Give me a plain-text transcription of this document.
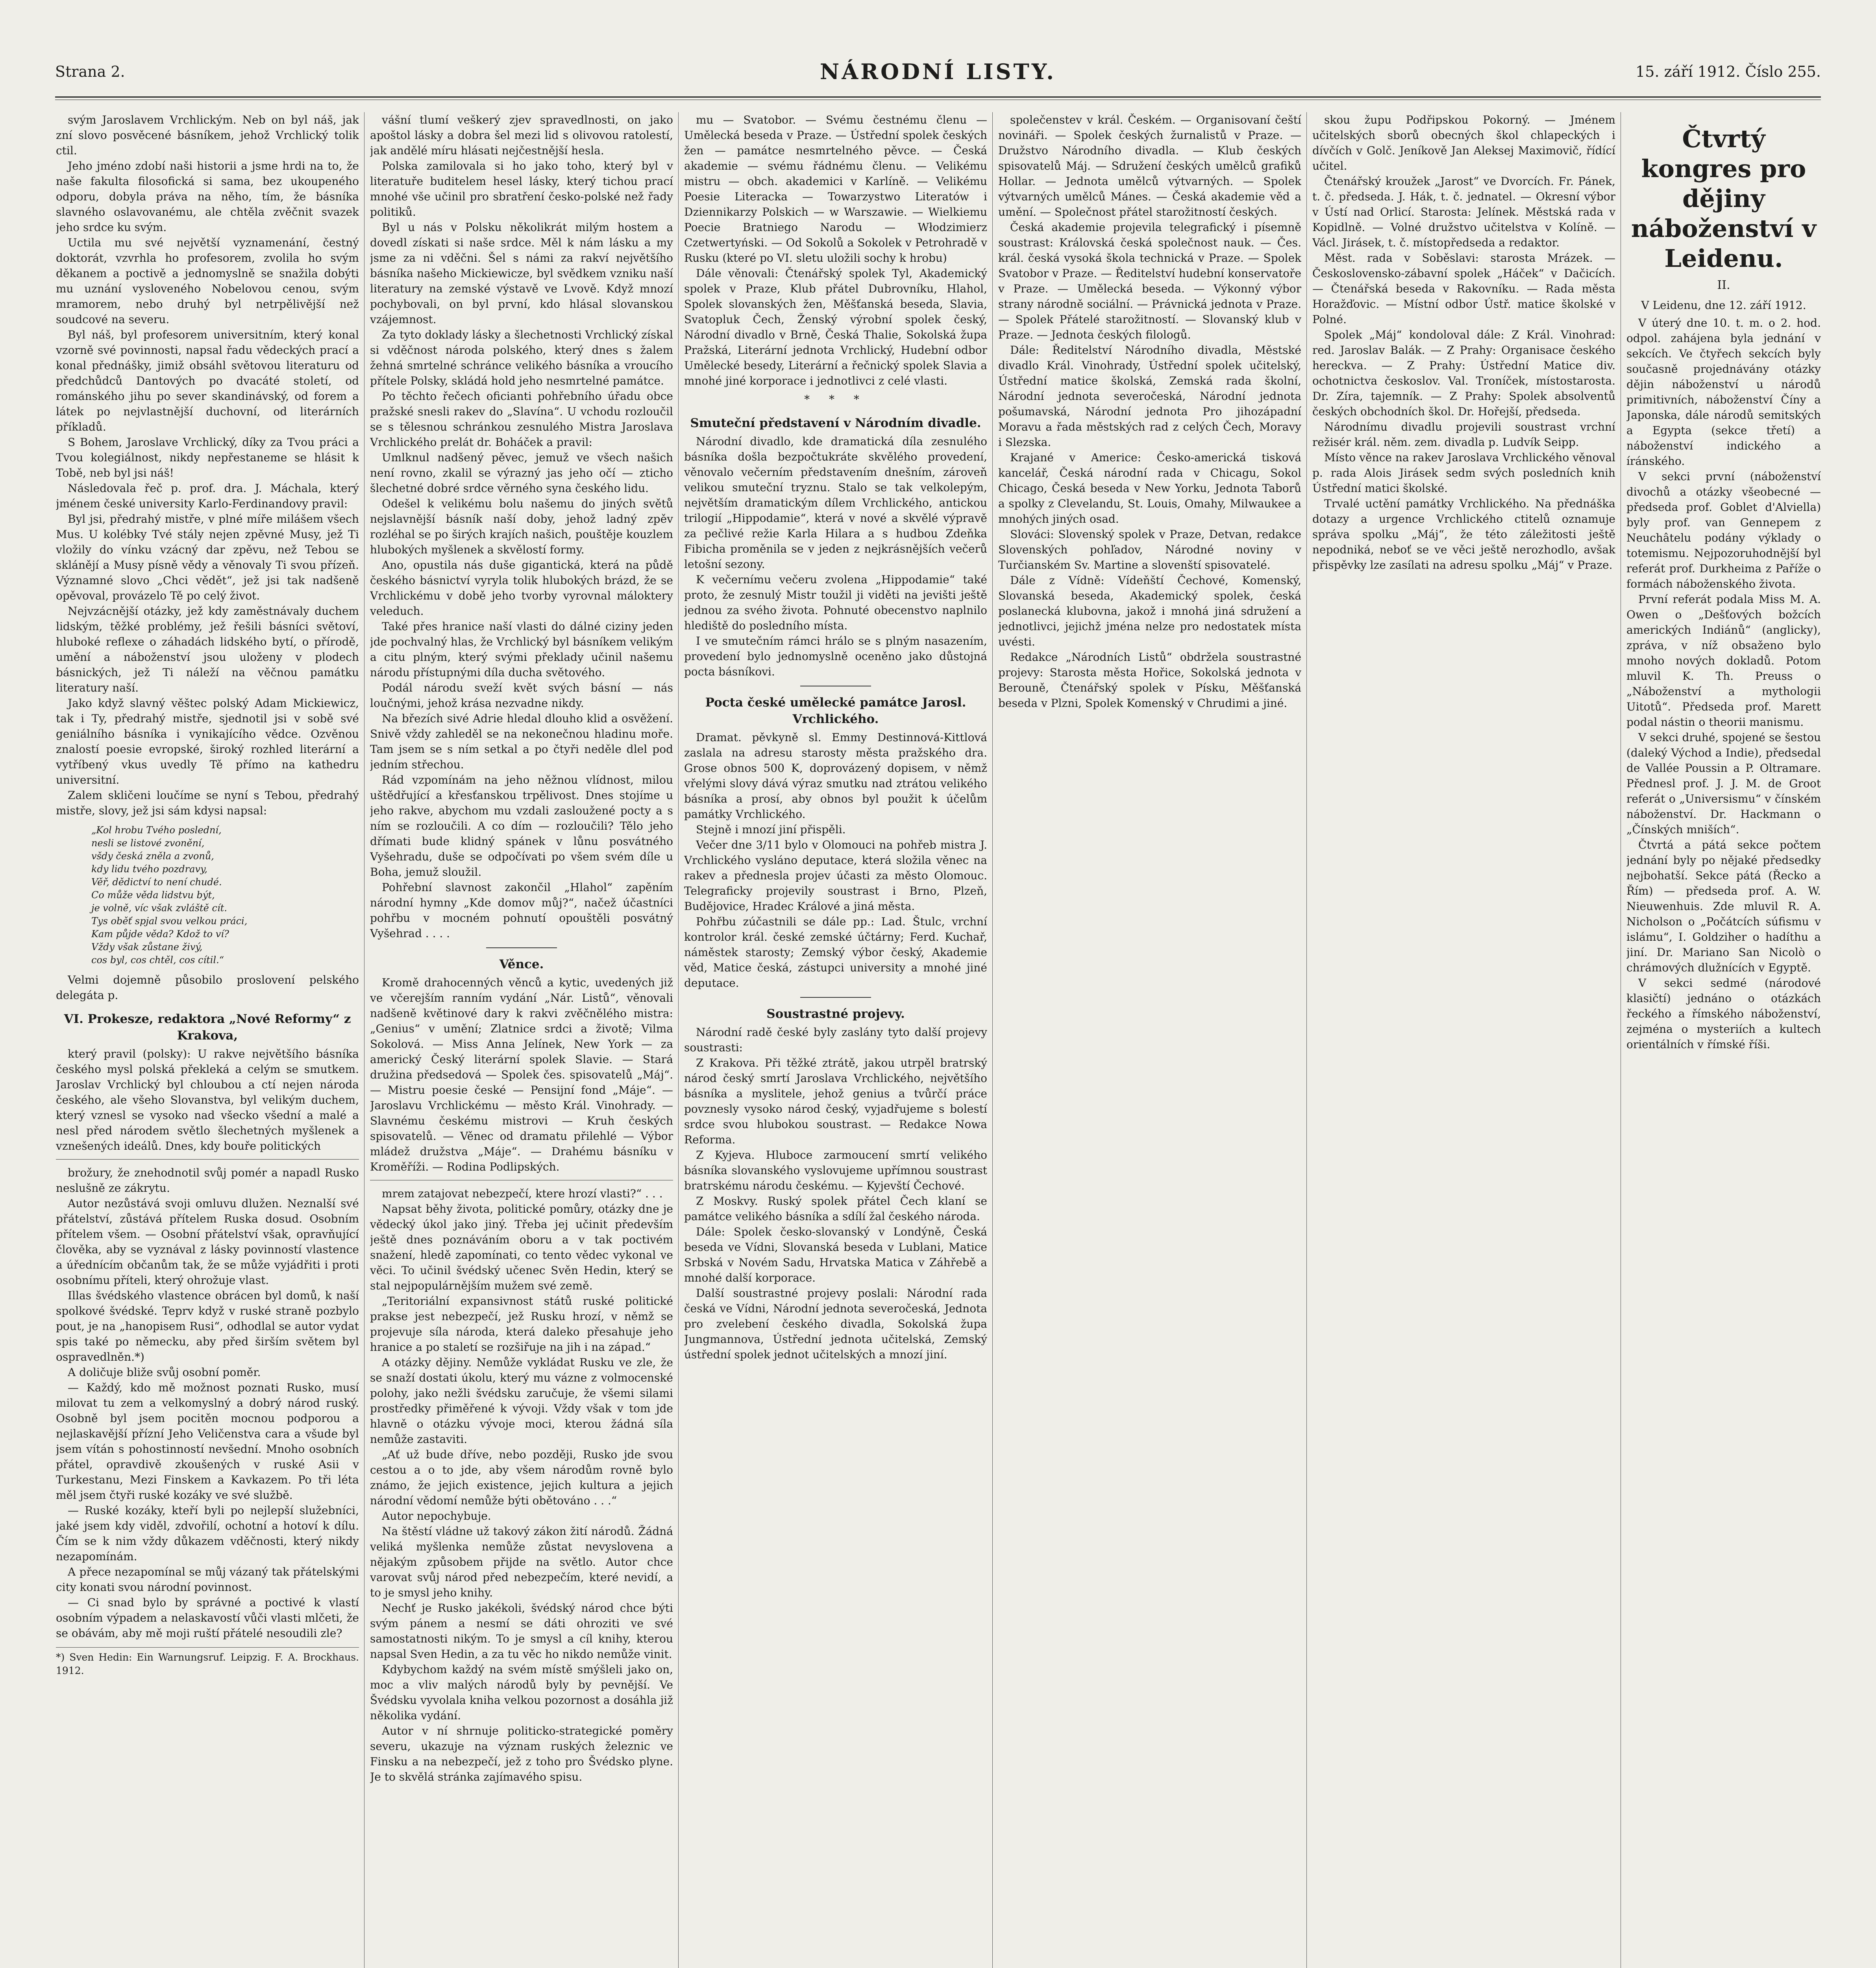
Strana 2.	NÁRODNÍ LISTY.	15. září 1912. Číslo 255.

svým Jaroslavem Vrchlickým. Neb on byl náš, jak zní slovo posvěcené básníkem, jehož Vrchlický tolik ctil.

Jeho jméno zdobí naši historii a jsme hrdi na to, že naše fakulta filosofická si sama, bez ukoupeného odporu, dobyla práva na něho, tím, že básníka slavného oslavovanému, ale chtěla zvěčnit svazek jeho srdce ku svým.

Uctila mu své největší vyznamenání, čestný doktorát, vzvrhla ho profesorem, zvolila ho svým děkanem a poctivě a jednomyslně se snažila dobýti mu uznání vysloveného Nobelovou cenou, svým mramorem, nebo druhý byl netrpělivější než soudcové na severu.

Byl náš, byl profesorem universitním, který konal vzorně své povinnosti, napsal řadu vědeckých prací a konal přednášky, jimiž obsáhl světovou literaturu od předchůdců Dantových po dvacáté století, od románského jihu po sever skandinávský, od forem a látek po nejvlastnější duchovní, od literárních příkladů.

S Bohem, Jaroslave Vrchlický, díky za Tvou práci a Tvou kolegiálnost, nikdy nepřestaneme se hlásit k Tobě, neb byl jsi náš!

Následovala řeč p. prof. dra. J. Máchala, který jménem české university Karlo-Ferdinandovy pravil:

Byl jsi, předrahý mistře, v plné míře milášem všech Mus. U kolébky Tvé stály nejen zpěvné Musy, jež Ti vložily do vínku vzácný dar zpěvu, než Tebou se sklánějí a Musy písně vědy a věnovaly Ti svou přízeň. Významné slovo „Chci vědět“, jež jsi tak nadšeně opěvoval, provázelo Tě po celý život.

Nejvzácnější otázky, jež kdy zaměstnávaly duchem lidským, těžké problémy, jež řešili básníci světoví, hluboké reflexe o záhadách lidského bytí, o přírodě, umění a náboženství jsou uloženy v plodech básnických, jež Ti náleží na věčnou památku literatury naší.

Jako když slavný věštec polský Adam Mickiewicz, tak i Ty, předrahý mistře, sjednotil jsi v sobě své geniálního básníka i vynikajícího vědce. Ozvěnou znalostí poesie evropské, široký rozhled literární a vytříbený vkus uvedly Tě přímo na kathedru universitní.

Zalem skličeni loučíme se nyní s Tebou, předrahý mistře, slovy, jež jsi sám kdysi napsal:

„Kol hrobu Tvého poslední,
nesli se listové zvonění,
všdy česká zněla a zvonů,
kdy lidu tvého pozdravy,
Věř, dědictví to není chudé.
Co může věda lidstvu být,
je volně, víc však zvláště cít.
Tys oběť spjal svou velkou práci,
Kam půjde věda? Kdož to ví?
Vždy však zůstane živý,
cos byl, cos chtěl, cos cítil.“

Velmi dojemně působilo proslovení pelského delegáta p.

VI. Prokesze, redaktora „Nové Reformy“ z Krakova,

který pravil (polsky): U rakve největšího básníka českého mysl polská překleká a celým se smutkem. Jaroslav Vrchlický byl chloubou a ctí nejen národa českého, ale všeho Slovanstva, byl velikým duchem, který vznesl se vysoko nad všecko všední a malé a nesl před národem světlo šlechetných myšlenek a vznešených ideálů. Dnes, kdy bouře politických

brožury, že znehodnotil svůj pomér a napadl Rusko neslušně ze zákrytu.

Autor nezůstává svoji omluvu dlužen. Neznalší své přátelství, zůstává přítelem Ruska dosud. Osobním přítelem všem. — Osobní přátelství však, opravňující člověka, aby se vyznával z lásky povinností vlastence a úřednícím občanům tak, že se může vyjádřiti i proti osobnímu příteli, který ohrožuje vlast.

Illas švédského vlastence obrácen byl domů, k naší spolkové švédské. Teprv když v ruské straně pozbylo pout, je na „hanopisem Rusi“, odhodlal se autor vydat spis také po německu, aby před širším světem byl ospravedlněn.*)

A doličuje bliže svůj osobní poměr.

— Každý, kdo mě možnost poznati Rusko, musí milovat tu zem a velkomyslný a dobrý národ ruský. Osobně byl jsem pocitěn mocnou podporou a nejlaskavější přízní Jeho Veličenstva cara a všude byl jsem vítán s pohostinností nevšední. Mnoho osobních přátel, opravdivě zkoušených v ruské Asii v Turkestanu, Mezi Finskem a Kavkazem. Po tři léta měl jsem čtyři ruské kozáky ve své službě.

— Ruské kozáky, kteří byli po nejlepší služebníci, jaké jsem kdy viděl, zdvořilí, ochotní a hotoví k dílu. Čím se k nim vždy důkazem vděčnosti, který nikdy nezapomínám.

A přece nezapomínal se můj vázaný tak přátelskými city konati svou národní povinnost.

— Ci snad bylo by správné a poctivé k vlastí osobním výpadem a nelaskavostí vůči vlasti mlčeti, že se obávám, aby mě moji ruští přátelé nesoudili zle?

*) Sven Hedin: Ein Warnungsruf. Leipzig. F. A. Brockhaus. 1912.

vášní tlumí veškerý zjev spravedlnosti, on jako apoštol lásky a dobra šel mezi lid s olivovou ratolestí, jak andělé míru hlásati nejčestnější hesla.

Polska zamilovala si ho jako toho, který byl v literatuře buditelem hesel lásky, který tichou prací mnohé vše učinil pro sbratření česko-polské než řady politiků.

Byl u nás v Polsku několikrát milým hostem a dovedl získati si naše srdce. Měl k nám lásku a my jsme za ni vděčni. Šel s námi za rakví největšího básníka našeho Mickiewicze, byl svědkem vzniku naší literatury na zemské výstavě ve Lvově. Když mnozí pochybovali, on byl první, kdo hlásal slovanskou vzájemnost.

Za tyto doklady lásky a šlechetnosti Vrchlický získal si vděčnost národa polského, který dnes s žalem žehná smrtelné schránce velikého básníka a vroucího přítele Polsky, skládá hold jeho nesmrtelné památce.

Po těchto řečech oficianti pohřebního úřadu obce pražské snesli rakev do „Slavína“. U vchodu rozloučil se s tělesnou schránkou zesnulého Mistra Jaroslava Vrchlického prelát dr. Boháček a pravil:

Umlknul nadšený pěvec, jemuž ve všech našich není rovno, zkalil se výrazný jas jeho očí — zticho šlechetné dobré srdce věrného syna českého lidu.

Odešel k velikému bolu našemu do jiných světů nejslavnější básník naší doby, jehož ladný zpěv rozléhal se po širých krajích našich, pouštěje kouzlem hlubokých myšlenek a skvělostí formy.

Ano, opustila nás duše gigantická, která na půdě českého básnictví vyryla tolik hlubokých brázd, že se Vrchlickému v době jeho tvorby vyrovnal máloktery veleduch.

Také přes hranice naší vlasti do dálné ciziny jeden jde pochvalný hlas, že Vrchlický byl básníkem velikým a citu plným, který svými překlady učinil našemu národu přístupnými díla ducha světového.

Podál národu sveží květ svých básní — nás loučnými, jehož krása nezvadne nikdy.

Na březích sivé Adrie hledal dlouho klid a osvěžení. Snivě vždy zahleděl se na nekonečnou hladinu moře. Tam jsem se s ním setkal a po čtyři neděle dlel pod jedním střechou.

Rád vzpomínám na jeho něžnou vlídnost, milou uštědřující a křesťanskou trpělivost. Dnes stojíme u jeho rakve, abychom mu vzdali zasloužené pocty a s ním se rozloučili. A co dím — rozloučili? Tělo jeho dřímati bude klidný spánek v lůnu posvátného Vyšehradu, duše se odpočívati po všem svém díle u Boha, jemuž sloužil.

Pohřební slavnost zakončil „Hlahol“ zapěním národní hymny „Kde domov můj?“, načež účastníci pohřbu v mocném pohnutí opouštěli posvátný Vyšehrad . . . .

Věnce.

Kromě drahocenných věnců a kytic, uvedených již ve včerejším ranním vydání „Nár. Listů“, věnovali nadšeně květinové dary k rakvi zvěčnělého mistra: „Genius“ v umění; Zlatnice srdci a životě; Vilma Sokolová. — Miss Anna Jelínek, New York — za americký Český literární spolek Slavie. — Stará družina předsedová — Spolek čes. spisovatelů „Máj“. — Mistru poesie české — Pensijní fond „Máje“. — Jaroslavu Vrchlickému — město Král. Vinohrady. — Slavnému českému mistrovi — Kruh českých spisovatelů. — Věnec od dramatu přilehlé — Výbor mládež družstva „Máje“. — Drahému básníku v Kroměříži. — Rodina Podlipských.

mrem zatajovat nebezpečí, ktere hrozí vlasti?“ . . .

Napsat běhy života, politické pomůry, otázky dne je vědecký úkol jako jiný. Třeba jej učinit především ještě dnes poznáváním oboru a v tak poctivém snažení, hledě zapomínati, co tento vědec vykonal ve věci. To učinil švédský učenec Svěn Hedin, který se stal nejpopulárnějším mužem své země.

„Teritoriální expansivnost států ruské politické prakse jest nebezpečí, jež Rusku hrozí, v němž se projevuje síla národa, která daleko přesahuje jeho hranice a po staletí se rozšiřuje na jih i na západ.“

A otázky dějiny. Nemůže vykládat Rusku ve zle, že se snaží dostati úkolu, který mu vázne z volmocenské polohy, jako nežli švédsku zaručuje, že všemi silami prostředky přiměřené k vývoji. Vždy však v tom jde hlavně o otázku vývoje moci, kterou žádná síla nemůže zastaviti.

„Ať už bude dříve, nebo později, Rusko jde svou cestou a o to jde, aby všem národům rovně bylo známo, že jejich existence, jejich kultura a jejich národní vědomí nemůže býti obětováno . . .“

Autor nepochybuje.

Na štěstí vládne už takový zákon žití národů. Žádná veliká myšlenka nemůže zůstat nevyslovena a nějakým způsobem přijde na světlo. Autor chce varovat svůj národ před nebezpečím, které nevidí, a to je smysl jeho knihy.

Nechť je Rusko jakékoli, švédský národ chce býti svým pánem a nesmí se dáti ohroziti ve své samostatnosti nikým. To je smysl a cíl knihy, kterou napsal Sven Hedin, a za tu věc ho nikdo nemůže vinit.

Kdybychom každý na svém místě smýšleli jako on, moc a vliv malých národů byly by pevnější. Ve Švédsku vyvolala kniha velkou pozornost a dosáhla již několika vydání.

Autor v ní shrnuje politicko-strategické poměry severu, ukazuje na význam ruských železnic ve Finsku a na nebezpečí, jež z toho pro Švédsko plyne. Je to skvělá stránka zajímavého spisu.

mu — Svatobor. — Svému čestnému členu — Umělecká beseda v Praze. — Ústřední spolek českých žen — památce nesmrtelného pěvce. — Česká akademie — svému řádnému členu. — Velikému mistru — obch. akademici v Karlíně. — Velikému Poesie Literacka — Towarzystwo Literatów i Dziennikarzy Polskich — w Warszawie. — Wielkiemu Poecie Bratniego Narodu — Włodzimierz Czetwertyński. — Od Sokolů a Sokolek v Petrohradě v Rusku (které po VI. sletu uložili sochy k hrobu)

Dále věnovali: Čtenářský spolek Tyl, Akademický spolek v Praze, Klub přátel Dubrovníku, Hlahol, Spolek slovanských žen, Měšťanská beseda, Slavia, Svatopluk Čech, Ženský výrobní spolek český, Národní divadlo v Brně, Česká Thalie, Sokolská župa Pražská, Literární jednota Vrchlický, Hudební odbor Umělecké besedy, Literární a řečnický spolek Slavia a mnohé jiné korporace i jednotlivci z celé vlasti.

* * *
Smuteční představení v Národním divadle.

Národní divadlo, kde dramatická díla zesnulého básníka došla bezpočtukráte skvělého provedení, věnovalo večerním představením dnešním, zároveň velikou smuteční tryznu. Stalo se tak velkolepým, největším dramatickým dílem Vrchlického, antickou trilogií „Hippodamie“, která v nové a skvělé výpravě za pečlivé režie Karla Hilara a s hudbou Zdeňka Fibicha proměnila se v jeden z nejkrásnějších večerů letošní sezony.

K večernímu večeru zvolena „Hippodamie“ také proto, že zesnulý Mistr toužil ji viděti na jevišti ještě jednou za svého života. Pohnuté obecenstvo naplnilo hlediště do posledního místa.

I ve smutečním rámci hrálo se s plným nasazením, provedení bylo jednomyslně oceněno jako důstojná pocta básníkovi.

Pocta české umělecké památce Jarosl. Vrchlického.

Dramat. pěvkyně sl. Emmy Destinnová-Kittlová zaslala na adresu starosty města pražského dra. Grose obnos 500 K, doprovázený dopisem, v němž vřelými slovy dává výraz smutku nad ztrátou velikého básníka a prosí, aby obnos byl použit k účelům památky Vrchlického.

Stejně i mnozí jiní přispěli.

Večer dne 3/11 bylo v Olomouci na pohřeb mistra J. Vrchlického vysláno deputace, která složila věnec na rakev a přednesla projev účasti za město Olomouc. Telegraficky projevily soustrast i Brno, Plzeň, Budějovice, Hradec Králové a jiná města.

Pohřbu zúčastnili se dále pp.: Lad. Štulc, vrchní kontrolor král. české zemské účtárny; Ferd. Kuchař, náměstek starosty; Zemský výbor český, Akademie věd, Matice česká, zástupci university a mnohé jiné deputace.

Soustrastné projevy.

Národní radě české byly zaslány tyto další projevy soustrasti:

Z Krakova. Při těžké ztrátě, jakou utrpěl bratrský národ český smrtí Jaroslava Vrchlického, největšího básníka a myslitele, jehož genius a tvůrčí práce povznesly vysoko národ český, vyjadřujeme s bolestí srdce svou hlubokou soustrast. — Redakce Nowa Reforma.

Z Kyjeva. Hluboce zarmoucení smrtí velikého básníka slovanského vyslovujeme upřímnou soustrast bratrskému národu českému. — Kyjevští Čechové.

Z Moskvy. Ruský spolek přátel Čech klaní se památce velikého básníka a sdílí žal českého národa.

Dále: Spolek česko-slovanský v Londýně, Česká beseda ve Vídni, Slovanská beseda v Lublani, Matice Srbská v Novém Sadu, Hrvatska Matica v Záhřebě a mnohé další korporace.

Další soustrastné projevy poslali: Národní rada česká ve Vídni, Národní jednota severočeská, Jednota pro zvelebení českého divadla, Sokolská župa Jungmannova, Ústřední jednota učitelská, Zemský ústřední spolek jednot učitelských a mnozí jiní.

společenstev v král. Českém. — Organisovaní čeští novináři. — Spolek českých žurnalistů v Praze. — Družstvo Národního divadla. — Klub českých spisovatelů Máj. — Sdružení českých umělců grafiků Hollar. — Jednota umělců výtvarných. — Spolek výtvarných umělců Mánes. — Česká akademie věd a umění. — Společnost přátel starožitností českých.

Česká akademie projevila telegrafický i písemně soustrast: Královská česká společnost nauk. — Čes. král. česká vysoká škola technická v Praze. — Spolek Svatobor v Praze. — Ředitelství hudební konservatoře v Praze. — Umělecká beseda. — Výkonný výbor strany národně sociální. — Právnická jednota v Praze. — Spolek Přátelé starožitností. — Slovanský klub v Praze. — Jednota českých filologů.

Dále: Ředitelství Národního divadla, Městské divadlo Král. Vinohrady, Ústřední spolek učitelský, Ústřední matice školská, Zemská rada školní, Národní jednota severočeská, Národní jednota pošumavská, Národní jednota Pro jihozápadní Moravu a řada městských rad z celých Čech, Moravy i Slezska.

Krajané v Americe: Česko-americká tisková kancelář, Česká národní rada v Chicagu, Sokol Chicago, Česká beseda v New Yorku, Jednota Taborů a spolky z Clevelandu, St. Louis, Omahy, Milwaukee a mnohých jiných osad.

Slováci: Slovenský spolek v Praze, Detvan, redakce Slovenských pohľadov, Národné noviny v Turčianském Sv. Martine a slovenští spisovatelé.

Dále z Vídně: Vídeňští Čechové, Komenský, Slovanská beseda, Akademický spolek, česká poslanecká klubovna, jakož i mnohá jiná sdružení a jednotlivci, jejichž jména nelze pro nedostatek místa uvésti.

Redakce „Národních Listů“ obdržela soustrastné projevy: Starosta města Hořice, Sokolská jednota v Berouně, Čtenářský spolek v Písku, Měšťanská beseda v Plzni, Spolek Komenský v Chrudimi a jiné.

skou župu Podřipskou Pokorný. — Jménem učitelských sborů obecných škol chlapeckých i dívčích v Golč. Jeníkově Jan Aleksej Maximovič, řídící učitel.

Čtenářský kroužek „Jarost“ ve Dvorcích. Fr. Pánek, t. č. předseda. J. Hák, t. č. jednatel. — Okresní výbor v Ústí nad Orlicí. Starosta: Jelínek. Městská rada v Kopidlně. — Volné družstvo učitelstva v Kolíně. — Václ. Jirásek, t. č. místopředseda a redaktor.

Měst. rada v Soběslavi: starosta Mrázek. — Československo-zábavní spolek „Háček“ v Dačicích. — Čtenářská beseda v Rakovníku. — Rada města Horažďovic. — Místní odbor Ústř. matice školské v Polné.

Spolek „Máj“ kondoloval dále: Z Král. Vinohrad: red. Jaroslav Balák. — Z Prahy: Organisace českého hereckva. — Z Prahy: Ústřední Matice div. ochotnictva českoslov. Val. Troníček, místostarosta. Dr. Zíra, tajemník. — Z Prahy: Spolek absolventů českých obchodních škol. Dr. Hořejší, předseda.

Národnímu divadlu projevili soustrast vrchní režisér král. něm. zem. divadla p. Ludvík Seipp.

Místo věnce na rakev Jaroslava Vrchlického věnoval p. rada Alois Jirásek sedm svých posledních knih Ústřední matici školské.

Trvalé uctění památky Vrchlického. Na přednáška dotazy a urgence Vrchlického ctitelů oznamuje správa spolku „Máj“, že této záležitosti ještě nepodniká, neboť se ve věci ještě nerozhodlo, avšak přispěvky lze zasílati na adresu spolku „Máj“ v Praze.

Čtvrtý kongres pro dějiny náboženství v Leidenu.
II.
V Leidenu, dne 12. září 1912.

V úterý dne 10. t. m. o 2. hod. odpol. zahájena byla jednání v sekcích. Ve čtyřech sekcích byly současně projednávány otázky dějin náboženství u národů primitivních, náboženství Číny a Japonska, dále národů semitských a Egypta (sekce třetí) a náboženství indického a íránského.

V sekci první (náboženství divochů a otázky všeobecné — předseda prof. Goblet d'Alviella) byly prof. van Gennepem z Neuchâtelu podány výklady o totemismu. Nejpozoruhodnější byl referát prof. Durkheima z Paříže o formách náboženského života.

První referát podala Miss M. A. Owen o „Dešťových božcích amerických Indiánů“ (anglicky), zpráva, v níž obsaženo bylo mnoho nových dokladů. Potom mluvil K. Th. Preuss o „Náboženství a mythologii Uitotů“. Předseda prof. Marett podal nástin o theorii manismu.

V sekci druhé, spojené se šestou (daleký Východ a Indie), předsedal de Vallée Poussin a P. Oltramare. Přednesl prof. J. J. M. de Groot referát o „Universismu“ v čínském náboženství. Dr. Hackmann o „Čínských mniších“.

Čtvrtá a pátá sekce počtem jednání byly po nějaké předsedky nejbohatší. Sekce pátá (Řecko a Řím) — předseda prof. A. W. Nieuwenhuis. Zde mluvil R. A. Nicholson o „Počátcích súfismu v islámu“, I. Goldziher o hadíthu a jiní. Dr. Mariano San Nicolò o chrámových dlužnících v Egyptě.

V sekci sedmé (národové klasičtí) jednáno o otázkách řeckého a římského náboženství, zejména o mysteriích a kultech orientálních v římské říši.
